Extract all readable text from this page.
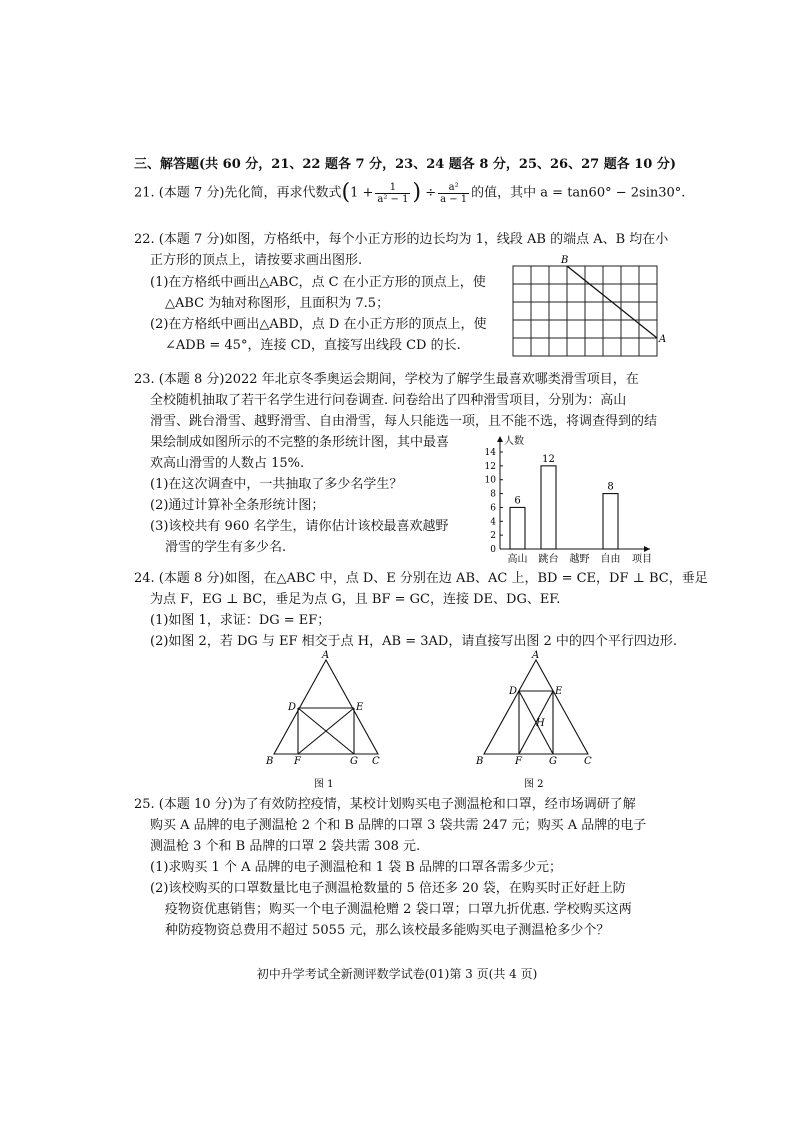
三、解答题(共 60 分，21、22 题各 7 分，23、24 题各 8 分，25、26、27 题各 10 分)
21. (本题 7 分)先化简，再求代数式($1 + \frac{1}{\text{a² − 1}}$ ) ÷ $\frac{\text{a²}}{a - 1}$ 的值，其中 a = tan60° − 2sin30°.
22. (本题 7 分)如图，方格纸中，每个小正方形的边长均为 1，线段 AB 的端点 A、B 均在小
正方形的顶点上，请按要求画出图形.
(1)在方格纸中画出△ABC，点 C 在小正方形的顶点上，使
△ABC 为轴对称图形，且面积为 7.5；
(2)在方格纸中画出△ABD，点 D 在小正方形的顶点上，使
∠ADB = 45°，连接 CD，直接写出线段 CD 的长.
B
A
23. (本题 8 分)2022 年北京冬季奥运会期间，学校为了解学生最喜欢哪类滑雪项目，在
全校随机抽取了若干名学生进行问卷调查. 问卷给出了四种滑雪项目，分别为：高山
滑雪、跳台滑雪、越野滑雪、自由滑雪，每人只能选一项，且不能不选，将调查得到的结
果绘制成如图所示的不完整的条形统计图，其中最喜
欢高山滑雪的人数占 15%.
(1)在这次调查中，一共抽取了多少名学生？
(2)通过计算补全条形统计图；
(3)该校共有 960 名学生，请你估计该校最喜欢越野
滑雪的学生有多少名.
人数
项目
0
2
4
6
8
10
12
14
6
高山
12
跳台 越野
8
自由
24. (本题 8 分)如图，在△ABC 中，点 D、E 分别在边 AB、AC 上，BD = CE，DF ⊥ BC，垂足
为点 F，EG ⊥ BC，垂足为点 G，且 BF = GC，连接 DE、DG、EF.
(1)如图 1，求证：DG = EF；
(2)如图 2，若 DG 与 EF 相交于点 H，AB = 3AD，请直接写出图 2 中的四个平行四边形.
A
B	C
D	E
F	G
图 1
A
B	C
D	E
F	G
H
图 2
25. (本题 10 分)为了有效防控疫情，某校计划购买电子测温枪和口罩，经市场调研了解
购买 A 品牌的电子测温枪 2 个和 B 品牌的口罩 3 袋共需 247 元；购买 A 品牌的电子
测温枪 3 个和 B 品牌的口罩 2 袋共需 308 元.
(1)求购买 1 个 A 品牌的电子测温枪和 1 袋 B 品牌的口罩各需多少元；
(2)该校购买的口罩数量比电子测温枪数量的 5 倍还多 20 袋，在购买时正好赶上防
疫物资优惠销售；购买一个电子测温枪赠 2 袋口罩；口罩九折优惠. 学校购买这两
种防疫物资总费用不超过 5055 元，那么该校最多能购买电子测温枪多少个？
初中升学考试全新测评数学试卷(01)第 3 页(共 4 页)
